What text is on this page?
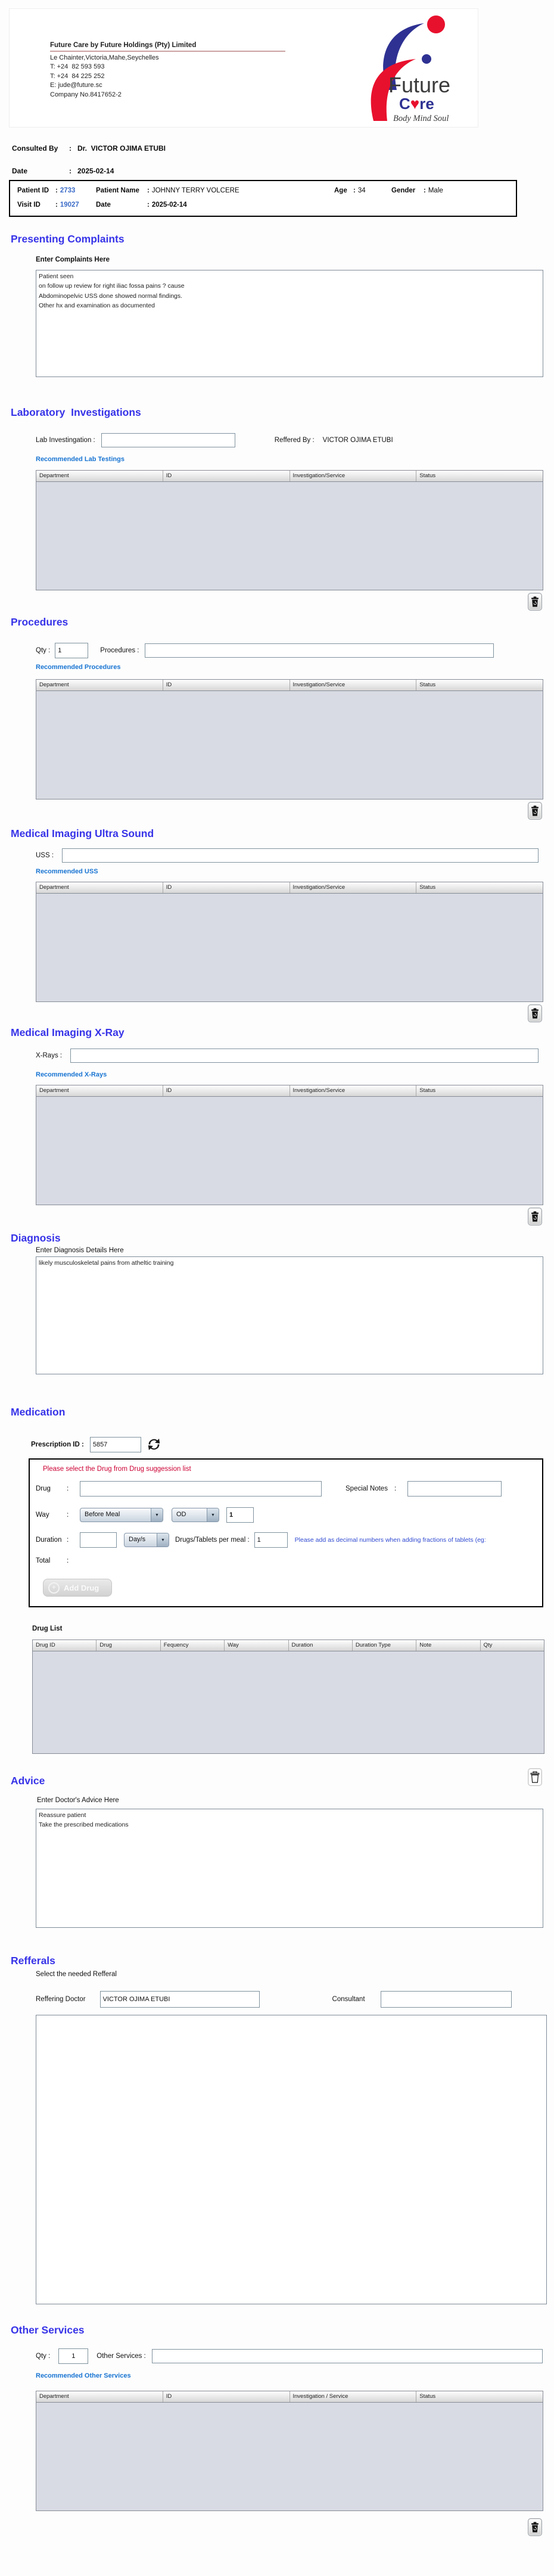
Future Care by Future Holdings (Pty) Limited
Le Chainter,Victoria,Mahe,Seychelles
T: +24  82 593 593
T: +24  84 225 252
E: jude@future.sc
Company No.8417652-2	Future
C♥re
Body Mind Soul
Consulted By	: Dr.  VICTOR OJIMA ETUBI
Date	: 2025-02-14
Patient ID : 2733	Patient Name	: JOHNNY TERRY VOLCERE	Age : 34	Gender	: Male
Visit ID	: 19027 Date	: 2025-02-14
Presenting Complaints
Enter Complaints Here
Patient seen on follow up review for right iliac fossa pains ? cause Abdominopelvic USS done showed normal findings. Other hx and examination as documented
Laboratory  Investigations
Lab Investingation :	Reffered By : VICTOR OJIMA ETUBI
Recommended Lab Testings
Department	ID	Investigation/Service	Status
Procedures
Qty :
1	Procedures :
Recommended Procedures
Department	ID	Investigation/Service	Status
Medical Imaging Ultra Sound
USS :
Recommended USS
Department	ID	Investigation/Service	Status
Medical Imaging X-Ray
X-Rays :
Recommended X-Rays
Department	ID	Investigation/Service	Status
Diagnosis
Enter Diagnosis Details Here
likely musculoskeletal pains from atheltic training
Medication
Prescription ID :
5857
Please select the Drug from Drug suggession list
Drug	:	Special Notes :
Way	:	Before Meal	▼	OD	▼
1
Duration :	Day/s	▼	Drugs/Tablets per meal :
1	Please add as decimal numbers when adding fractions of tablets (eg:
Total	:
+	Add Drug
Drug List
Drug ID	Drug	Fequency	Way	Duration	Duration Type	Note	Qty
Advice
Enter Doctor's Advice Here
Reassure patient Take the prescribed medications
Refferals
Select the needed Refferal
Reffering Doctor
VICTOR OJIMA ETUBI	Consultant
Other Services
Qty :
1	Other Services :
Recommended Other Services
Department	ID	Investigation / Service	Status
